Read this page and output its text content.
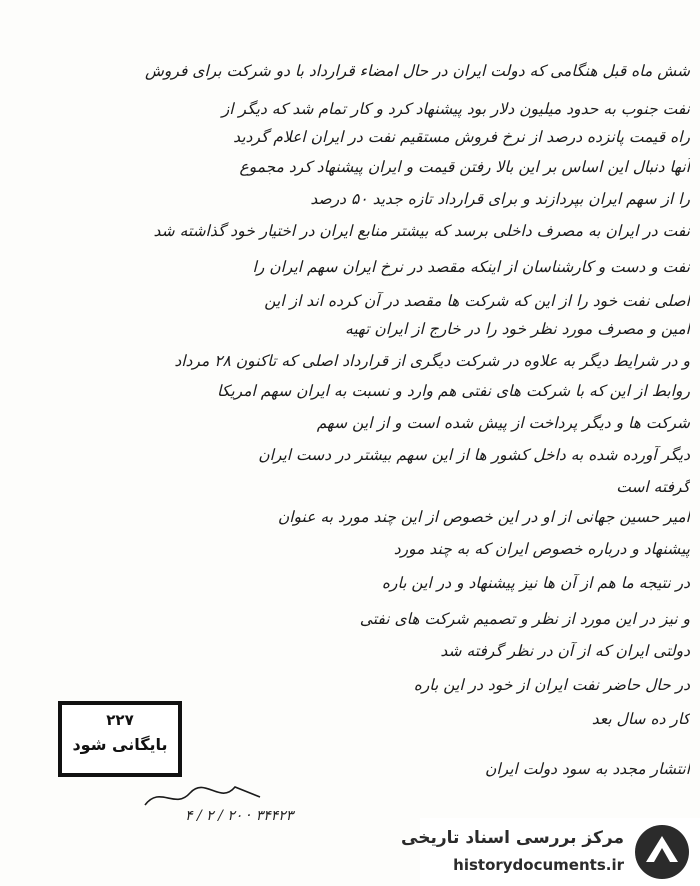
شش ماه قبل هنگامی که دولت ایران در حال امضاء قرارداد با دو شرکت برای فروش
نفت جنوب به حدود میلیون دلار بود پیشنهاد کرد و کار تمام شد که دیگر از
راه قیمت پانزده درصد از نرخ فروش مستقیم نفت در ایران اعلام گردید
آنها دنبال این اساس بر این بالا رفتن قیمت و ایران پیشنهاد کرد مجموع
را از سهم ایران بپردازند و برای قرارداد تازه جدید ۵۰ درصد
نفت در ایران به مصرف داخلی برسد که بیشتر منابع ایران در اختیار خود گذاشته شد
نفت و دست و کارشناسان از اینکه مقصد در نرخ ایران سهم ایران را
اصلی نفت خود را از این که شرکت ها مقصد در آن کرده اند از این
امین و مصرف مورد نظر خود را در خارج از ایران تهیه
و در شرایط دیگر به علاوه در شرکت دیگری از قرارداد اصلی که تاکنون ۲۸ مرداد
روابط از این که با شرکت های نفتی هم وارد و نسبت به ایران سهم امریکا
شرکت ها و دیگر پرداخت از پیش شده است و از این سهم
دیگر آورده شده به داخل کشور ها از این سهم بیشتر در دست ایران
گرفته است
امیر حسین جهانی از او در این خصوص از این چند مورد به عنوان
پیشنهاد و درباره خصوص ایران که به چند مورد
در نتیجه ما هم از آن ها نیز پیشنهاد و در این باره
و نیز در این مورد از نظر و تصمیم شرکت های نفتی
دولتی ایران که از آن در نظر گرفته شد
در حال حاضر نفت ایران از خود در این باره
کار ده سال بعد
انتشار مجدد به سود دولت ایران
۲۲۷
بایگانی شود
۳۴۴۲۳ · ۲۰ / ۲ / ۴
مرکز بررسی اسناد تاریخی
historydocuments.ir
